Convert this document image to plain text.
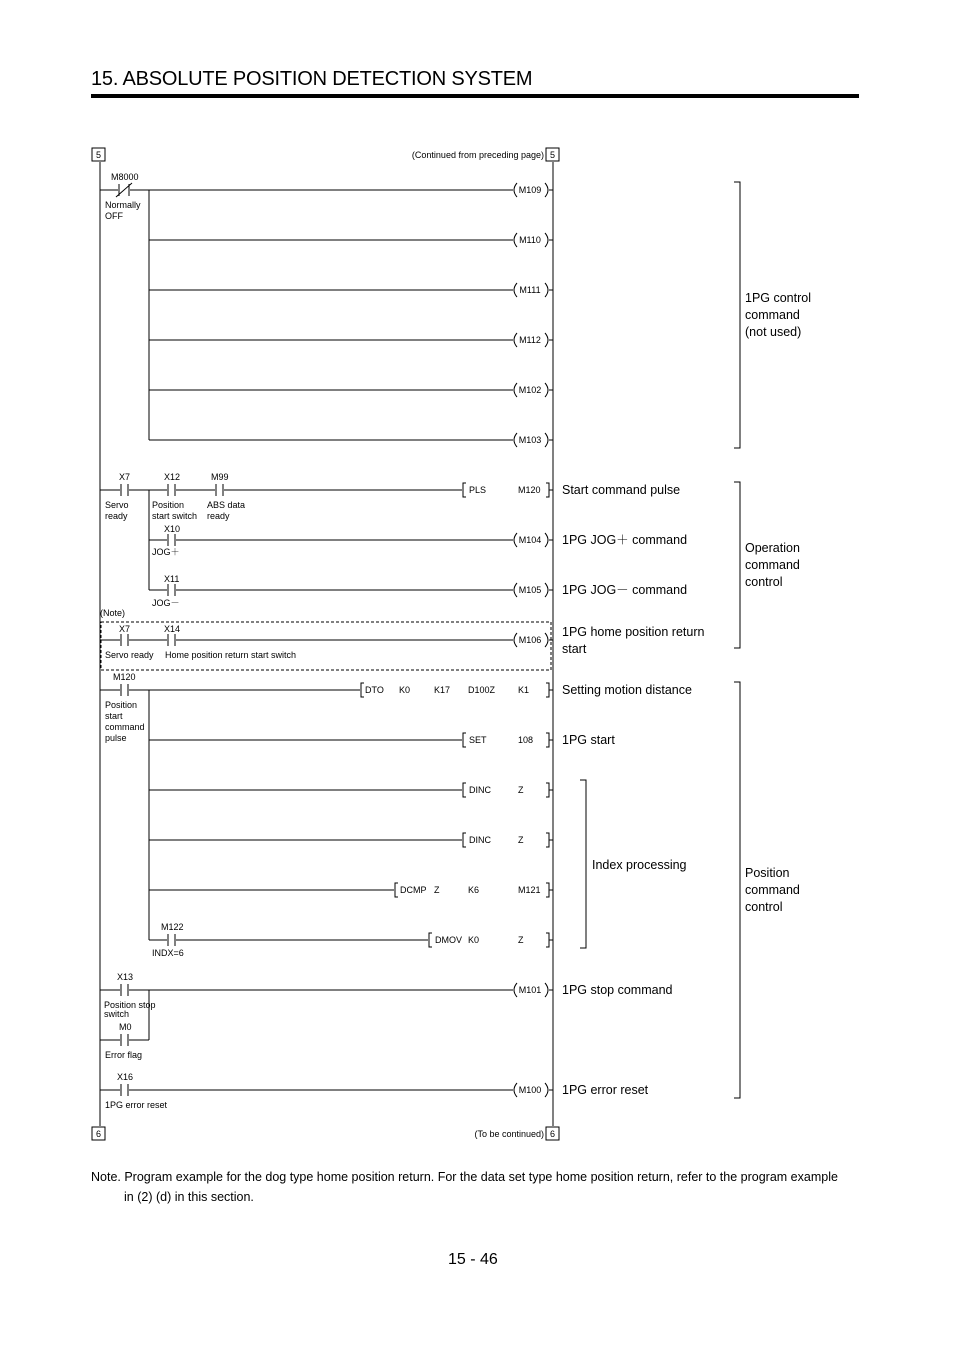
15. ABSOLUTE POSITION DETECTION SYSTEM
5	5
(Continued from preceding page)
6	6
(To be continued)
M8000
Normally
OFF
X7
Servo
ready
X12
Position
start switch
M99
ABS data
ready
X10
JOG＋
X11
JOG－
(Note)
X7
Servo ready
X14
Home position return start switch
M120
Position
start
command
pulse
M122
INDX=6
X13
Position stop
switch
M0
Error flag
X16
1PG error reset
M109
M110
M111
M112
M102
M103
M104
M105
M106
M101
M100
PLS	M120
DTO K0	K17 D100Z	K1
SET	108
DINC	Z
DINC	Z
DCMP Z	K6	M121
DMOV K0	Z
Start command pulse
1PG JOG＋ command
1PG JOG－ command
1PG home position return
start
Setting motion distance
1PG start
Index processing
1PG stop command
1PG error reset
1PG control
command
(not used)
Operation
command
control
Position
command
control
Note. Program example for the dog type home position return. For the data set type home position return, refer to the program example
in (2) (d) in this section.
15 - 46
